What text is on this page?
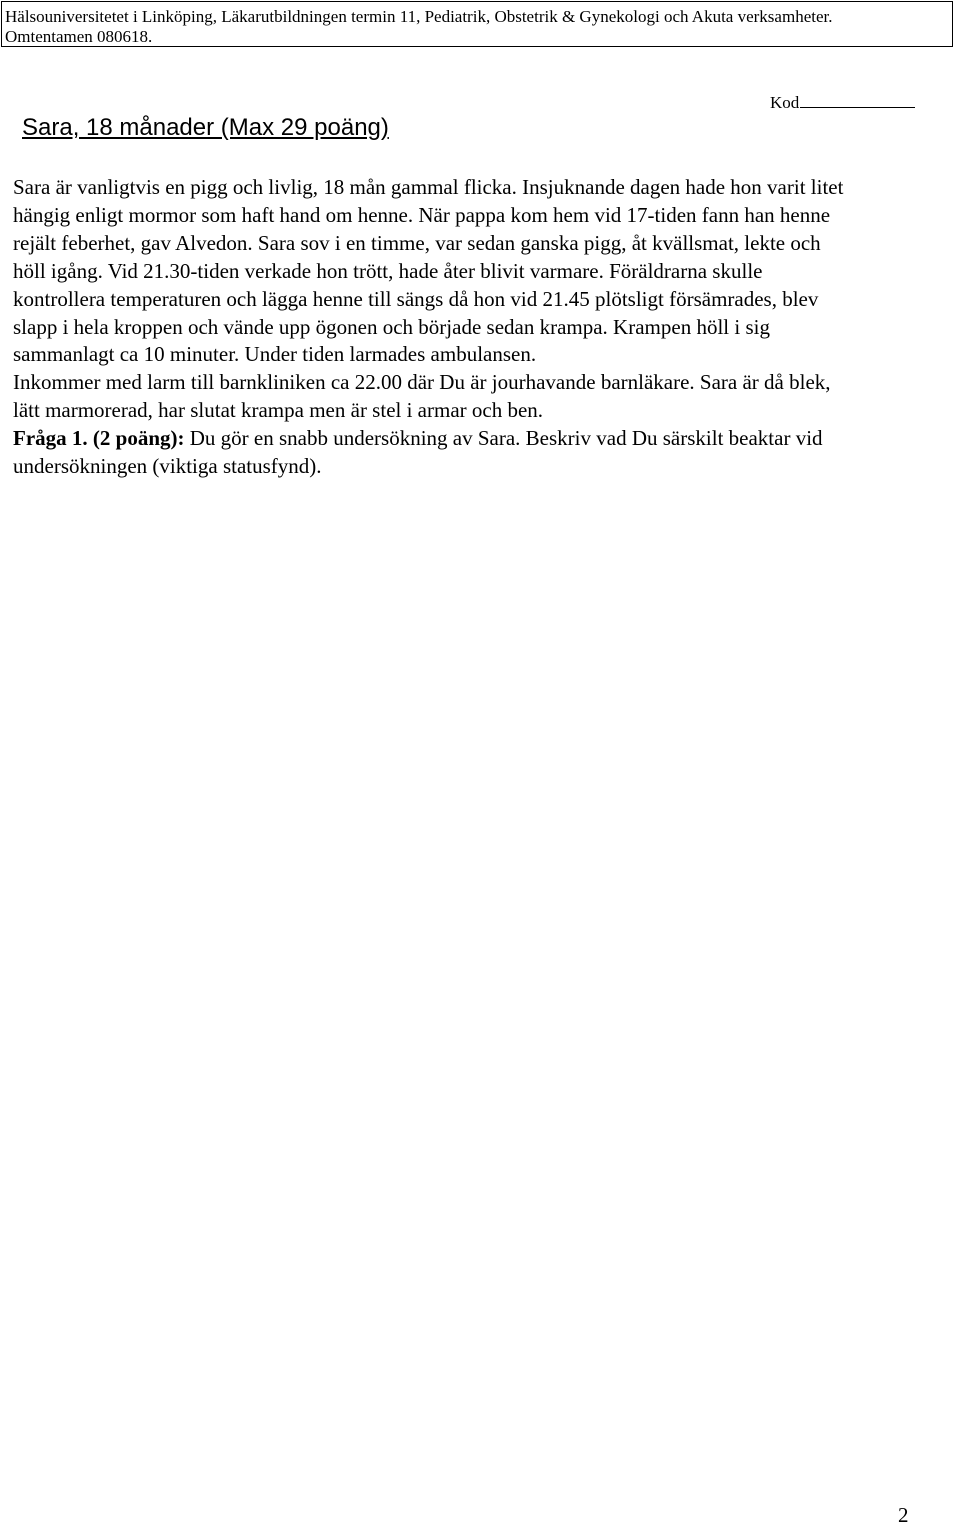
Hälsouniversitetet i Linköping, Läkarutbildningen termin 11, Pediatrik, Obstetrik & Gynekologi och Akuta verksamheter.
Omtentamen 080618.
Kod
Sara, 18 månader (Max 29 poäng)
Sara är vanligtvis en pigg och livlig, 18 mån gammal flicka. Insjuknande dagen hade hon varit litet
hängig enligt mormor som haft hand om henne. När pappa kom hem vid 17-tiden fann han henne
rejält feberhet, gav Alvedon. Sara sov i en timme, var sedan ganska pigg, åt kvällsmat, lekte och
höll igång. Vid 21.30-tiden verkade hon trött, hade åter blivit varmare. Föräldrarna skulle
kontrollera temperaturen och lägga henne till sängs då hon vid 21.45 plötsligt försämrades, blev
slapp i hela kroppen och vände upp ögonen och började sedan krampa. Krampen höll i sig
sammanlagt ca 10 minuter. Under tiden larmades ambulansen.
Inkommer med larm till barnkliniken ca 22.00 där Du är jourhavande barnläkare. Sara är då blek,
lätt marmorerad, har slutat krampa men är stel i armar och ben.
Fråga 1. (2 poäng): Du gör en snabb undersökning av Sara. Beskriv vad Du särskilt beaktar vid
undersökningen (viktiga statusfynd).
2
